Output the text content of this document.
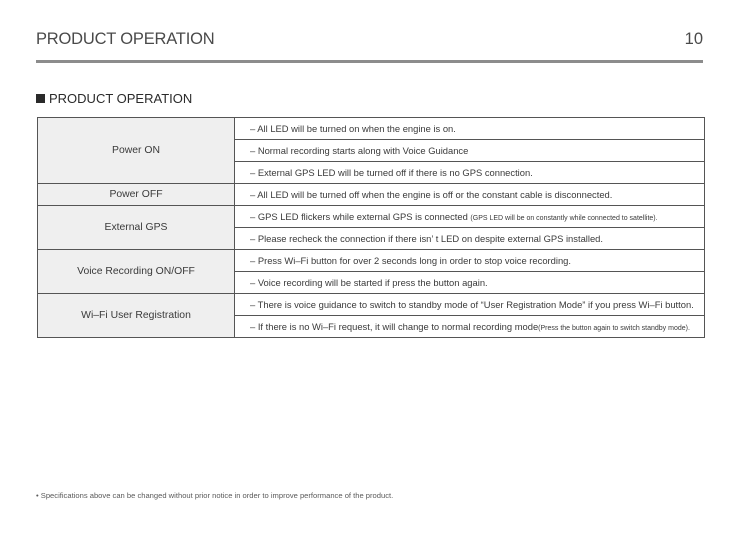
PRODUCT OPERATION	10
PRODUCT OPERATION
Power ON	– All LED will be turned on when the engine is on.
	– Normal recording starts along with Voice Guidance
	– External GPS LED will be turned off if there is no GPS connection.
Power OFF	– All LED will be turned off when the engine is off or the constant cable is disconnected.
External GPS	– GPS LED flickers while external GPS is connected (GPS LED will be on constantly while connected to satellite).
	– Please recheck the connection if there isn’ t LED on despite external GPS installed.
Voice Recording ON/OFF	– Press Wi–Fi button for over 2 seconds long in order to stop voice recording.
	– Voice recording will be started if press the button again.
Wi–Fi User Registration	– There is voice guidance to switch to standby mode of “User Registration Mode” if you press Wi–Fi button.
	– If there is no Wi–Fi request, it will change to normal recording mode(Press the button again to switch standby mode).
• Specifications above can be changed without prior notice in order to improve performance of the product.
